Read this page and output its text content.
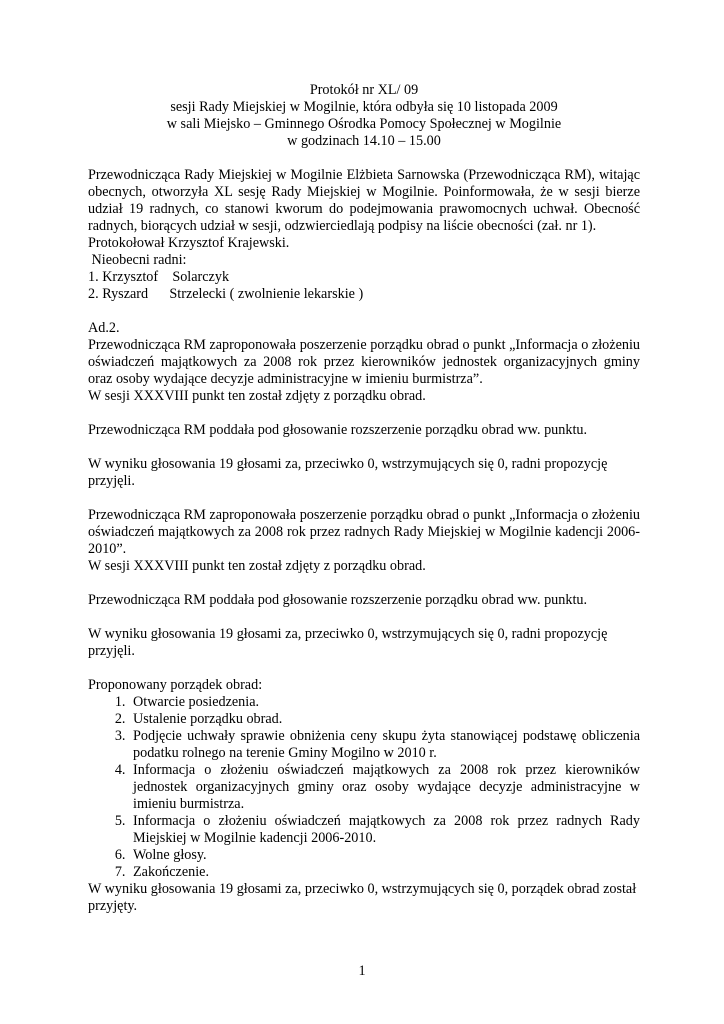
Protokół nr XL/ 09
sesji Rady Miejskiej w Mogilnie, która odbyła się 10 listopada 2009
w sali Miejsko – Gminnego Ośrodka Pomocy Społecznej w Mogilnie
w godzinach 14.10 – 15.00

Przewodnicząca Rady Miejskiej w Mogilnie Elżbieta Sarnowska (Przewodnicząca RM), witając obecnych, otworzyła XL sesję Rady Miejskiej w Mogilnie. Poinformowała, że w sesji bierze udział 19 radnych, co stanowi kworum do podejmowania prawomocnych uchwał. Obecność radnych, biorących udział w sesji, odzwierciedlają podpisy na liście obecności (zał. nr 1).

Protokołował Krzysztof Krajewski.

Nieobecni radni:

1. Krzysztof    Solarczyk
2. Ryszard      Strzelecki ( zwolnienie lekarskie )

Ad.2.

Przewodnicząca RM zaproponowała poszerzenie porządku obrad o punkt „Informacja o złożeniu oświadczeń majątkowych za 2008 rok przez kierowników jednostek organizacyjnych gminy oraz osoby wydające decyzje administracyjne w imieniu burmistrza”.

W sesji XXXVIII punkt ten został zdjęty z porządku obrad.

Przewodnicząca RM poddała pod głosowanie rozszerzenie porządku obrad ww. punktu.

W wyniku głosowania 19 głosami za, przeciwko 0, wstrzymujących się 0, radni propozycję przyjęli.

Przewodnicząca RM zaproponowała poszerzenie porządku obrad o punkt „Informacja o złożeniu oświadczeń majątkowych za 2008 rok przez radnych Rady Miejskiej w Mogilnie kadencji 2006-2010”.

W sesji XXXVIII punkt ten został zdjęty z porządku obrad.

Przewodnicząca RM poddała pod głosowanie rozszerzenie porządku obrad ww. punktu.

W wyniku głosowania 19 głosami za, przeciwko 0, wstrzymujących się 0, radni propozycję przyjęli.

Proponowany porządek obrad:

1. Otwarcie posiedzenia.
2. Ustalenie porządku obrad.
3. Podjęcie uchwały sprawie obniżenia ceny skupu żyta stanowiącej podstawę obliczenia podatku rolnego na terenie Gminy Mogilno w 2010 r.
4. Informacja o złożeniu oświadczeń majątkowych za 2008 rok przez kierowników jednostek organizacyjnych gminy oraz osoby wydające decyzje administracyjne w imieniu burmistrza.
5. Informacja o złożeniu oświadczeń majątkowych za 2008 rok przez radnych Rady Miejskiej w Mogilnie kadencji 2006-2010.
6. Wolne głosy.
7. Zakończenie.

W wyniku głosowania 19 głosami za, przeciwko 0, wstrzymujących się 0, porządek obrad został przyjęty.

1
